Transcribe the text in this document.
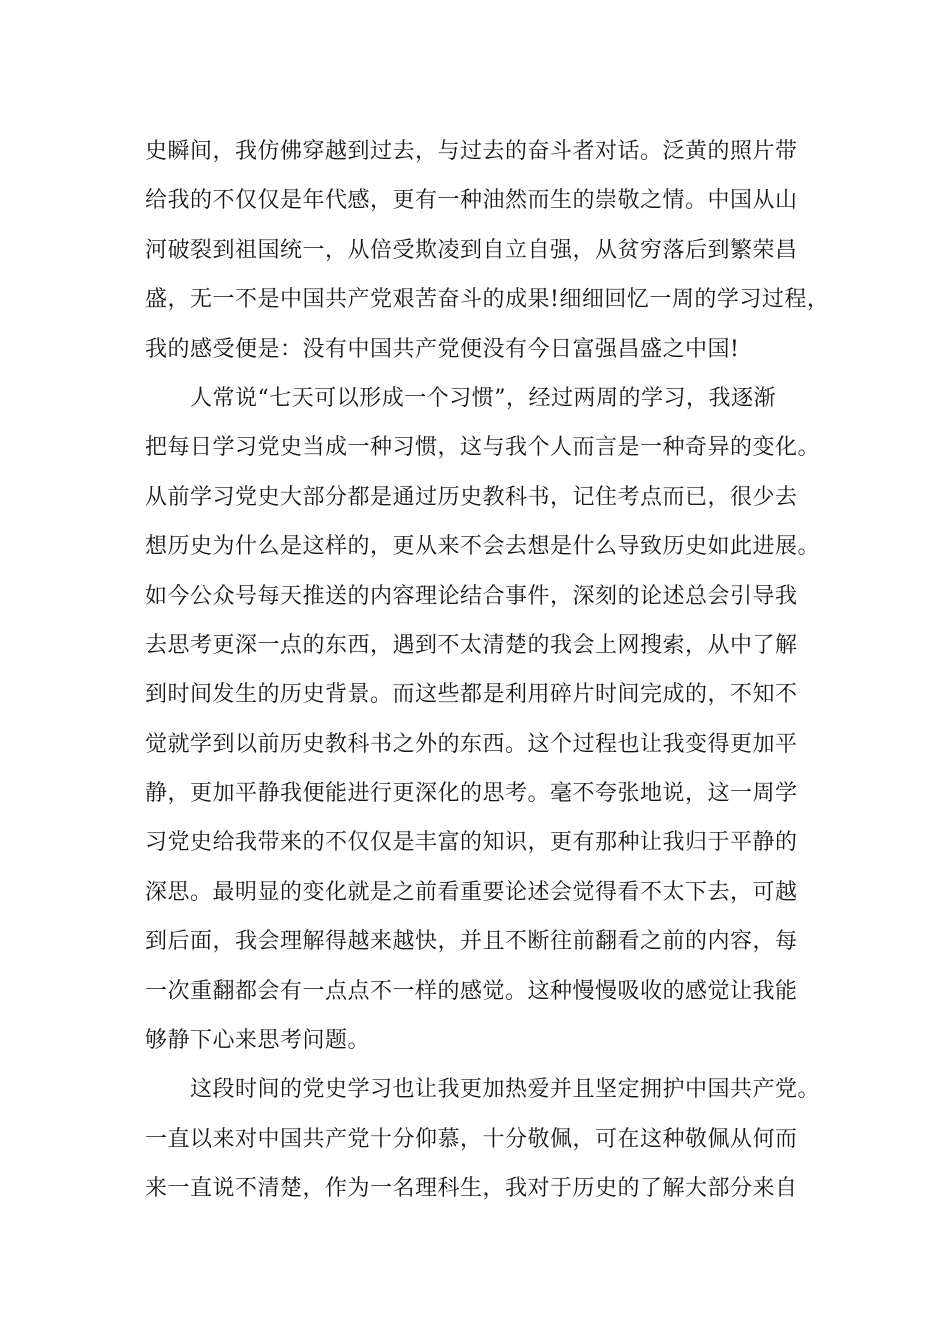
史瞬间，我仿佛穿越到过去，与过去的奋斗者对话。泛黄的照片带
给我的不仅仅是年代感，更有一种油然而生的崇敬之情。中国从山
河破裂到祖国统一，从倍受欺凌到自立自强，从贫穷落后到繁荣昌
盛，无一不是中国共产党艰苦奋斗的成果!细细回忆一周的学习过程，
我的感受便是：没有中国共产党便没有今日富强昌盛之中国!
　　人常说“七天可以形成一个习惯”，经过两周的学习，我逐渐
把每日学习党史当成一种习惯，这与我个人而言是一种奇异的变化。
从前学习党史大部分都是通过历史教科书，记住考点而已，很少去
想历史为什么是这样的，更从来不会去想是什么导致历史如此进展。
如今公众号每天推送的内容理论结合事件，深刻的论述总会引导我
去思考更深一点的东西，遇到不太清楚的我会上网搜索，从中了解
到时间发生的历史背景。而这些都是利用碎片时间完成的，不知不
觉就学到以前历史教科书之外的东西。这个过程也让我变得更加平
静，更加平静我便能进行更深化的思考。毫不夸张地说，这一周学
习党史给我带来的不仅仅是丰富的知识，更有那种让我归于平静的
深思。最明显的变化就是之前看重要论述会觉得看不太下去，可越
到后面，我会理解得越来越快，并且不断往前翻看之前的内容，每
一次重翻都会有一点点不一样的感觉。这种慢慢吸收的感觉让我能
够静下心来思考问题。
　　这段时间的党史学习也让我更加热爱并且坚定拥护中国共产党。
一直以来对中国共产党十分仰慕，十分敬佩，可在这种敬佩从何而
来一直说不清楚，作为一名理科生，我对于历史的了解大部分来自
